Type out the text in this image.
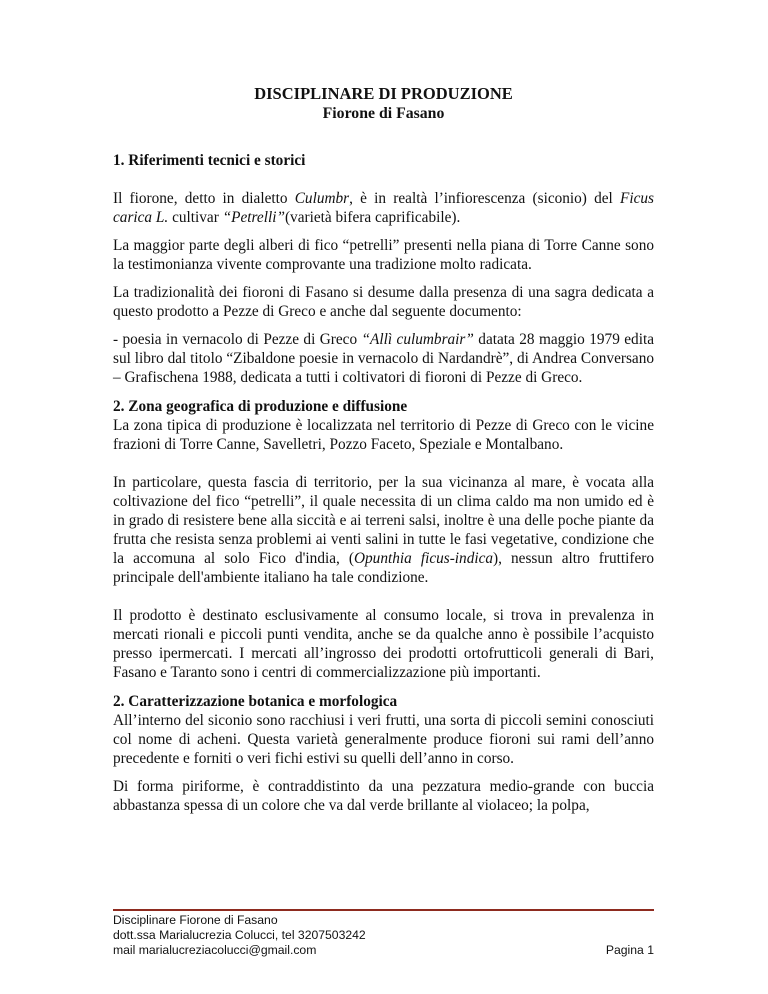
DISCIPLINARE DI PRODUZIONE
Fiorone di Fasano
1. Riferimenti tecnici e storici

Il fiorone, detto in dialetto Culumbr, è in realtà l’infiorescenza (siconio) del Ficus carica L. cultivar “Petrelli”(varietà bifera caprificabile).

La maggior parte degli alberi di fico “petrelli” presenti nella piana di Torre Canne sono la testimonianza vivente comprovante una tradizione molto radicata.

La tradizionalità dei fioroni di Fasano si desume dalla presenza di una sagra dedicata a questo prodotto a Pezze di Greco e anche dal seguente documento:

- poesia in vernacolo di Pezze di Greco “Allì culumbrair” datata 28 maggio 1979 edita sul libro dal titolo “Zibaldone poesie in vernacolo di Nardandrè”, di Andrea Conversano – Grafischena 1988, dedicata a tutti i coltivatori di fioroni di Pezze di Greco.

2. Zona geografica di produzione e diffusione

La zona tipica di produzione è localizzata nel territorio di Pezze di Greco con le vicine frazioni di Torre Canne, Savelletri, Pozzo Faceto, Speziale e Montalbano.

In particolare, questa fascia di territorio, per la sua vicinanza al mare, è vocata alla coltivazione del fico “petrelli”, il quale necessita di un clima caldo ma non umido ed è in grado di resistere bene alla siccità e ai terreni salsi, inoltre è una delle poche piante da frutta che resista senza problemi ai venti salini in tutte le fasi vegetative, condizione che la accomuna al solo Fico d'india, (Opunthia ficus-indica), nessun altro fruttifero principale dell'ambiente italiano ha tale condizione.

Il prodotto è destinato esclusivamente al consumo locale, si trova in prevalenza in mercati rionali e piccoli punti vendita, anche se da qualche anno è possibile l’acquisto presso ipermercati. I mercati all’ingrosso dei prodotti ortofrutticoli generali di Bari, Fasano e Taranto sono i centri di commercializzazione più importanti.

2. Caratterizzazione botanica e morfologica

All’interno del siconio sono racchiusi i veri frutti, una sorta di piccoli semini conosciuti col nome di acheni. Questa varietà generalmente produce fioroni sui rami dell’anno precedente e forniti o veri fichi estivi su quelli dell’anno in corso.

Di forma piriforme, è contraddistinto da una pezzatura medio-grande con buccia abbastanza spessa di un colore che va dal verde brillante al violaceo; la polpa,

Disciplinare Fiorone di Fasano
dott.ssa Marialucrezia Colucci, tel 3207503242
mail marialucreziacolucci@gmail.com	Pagina 1
